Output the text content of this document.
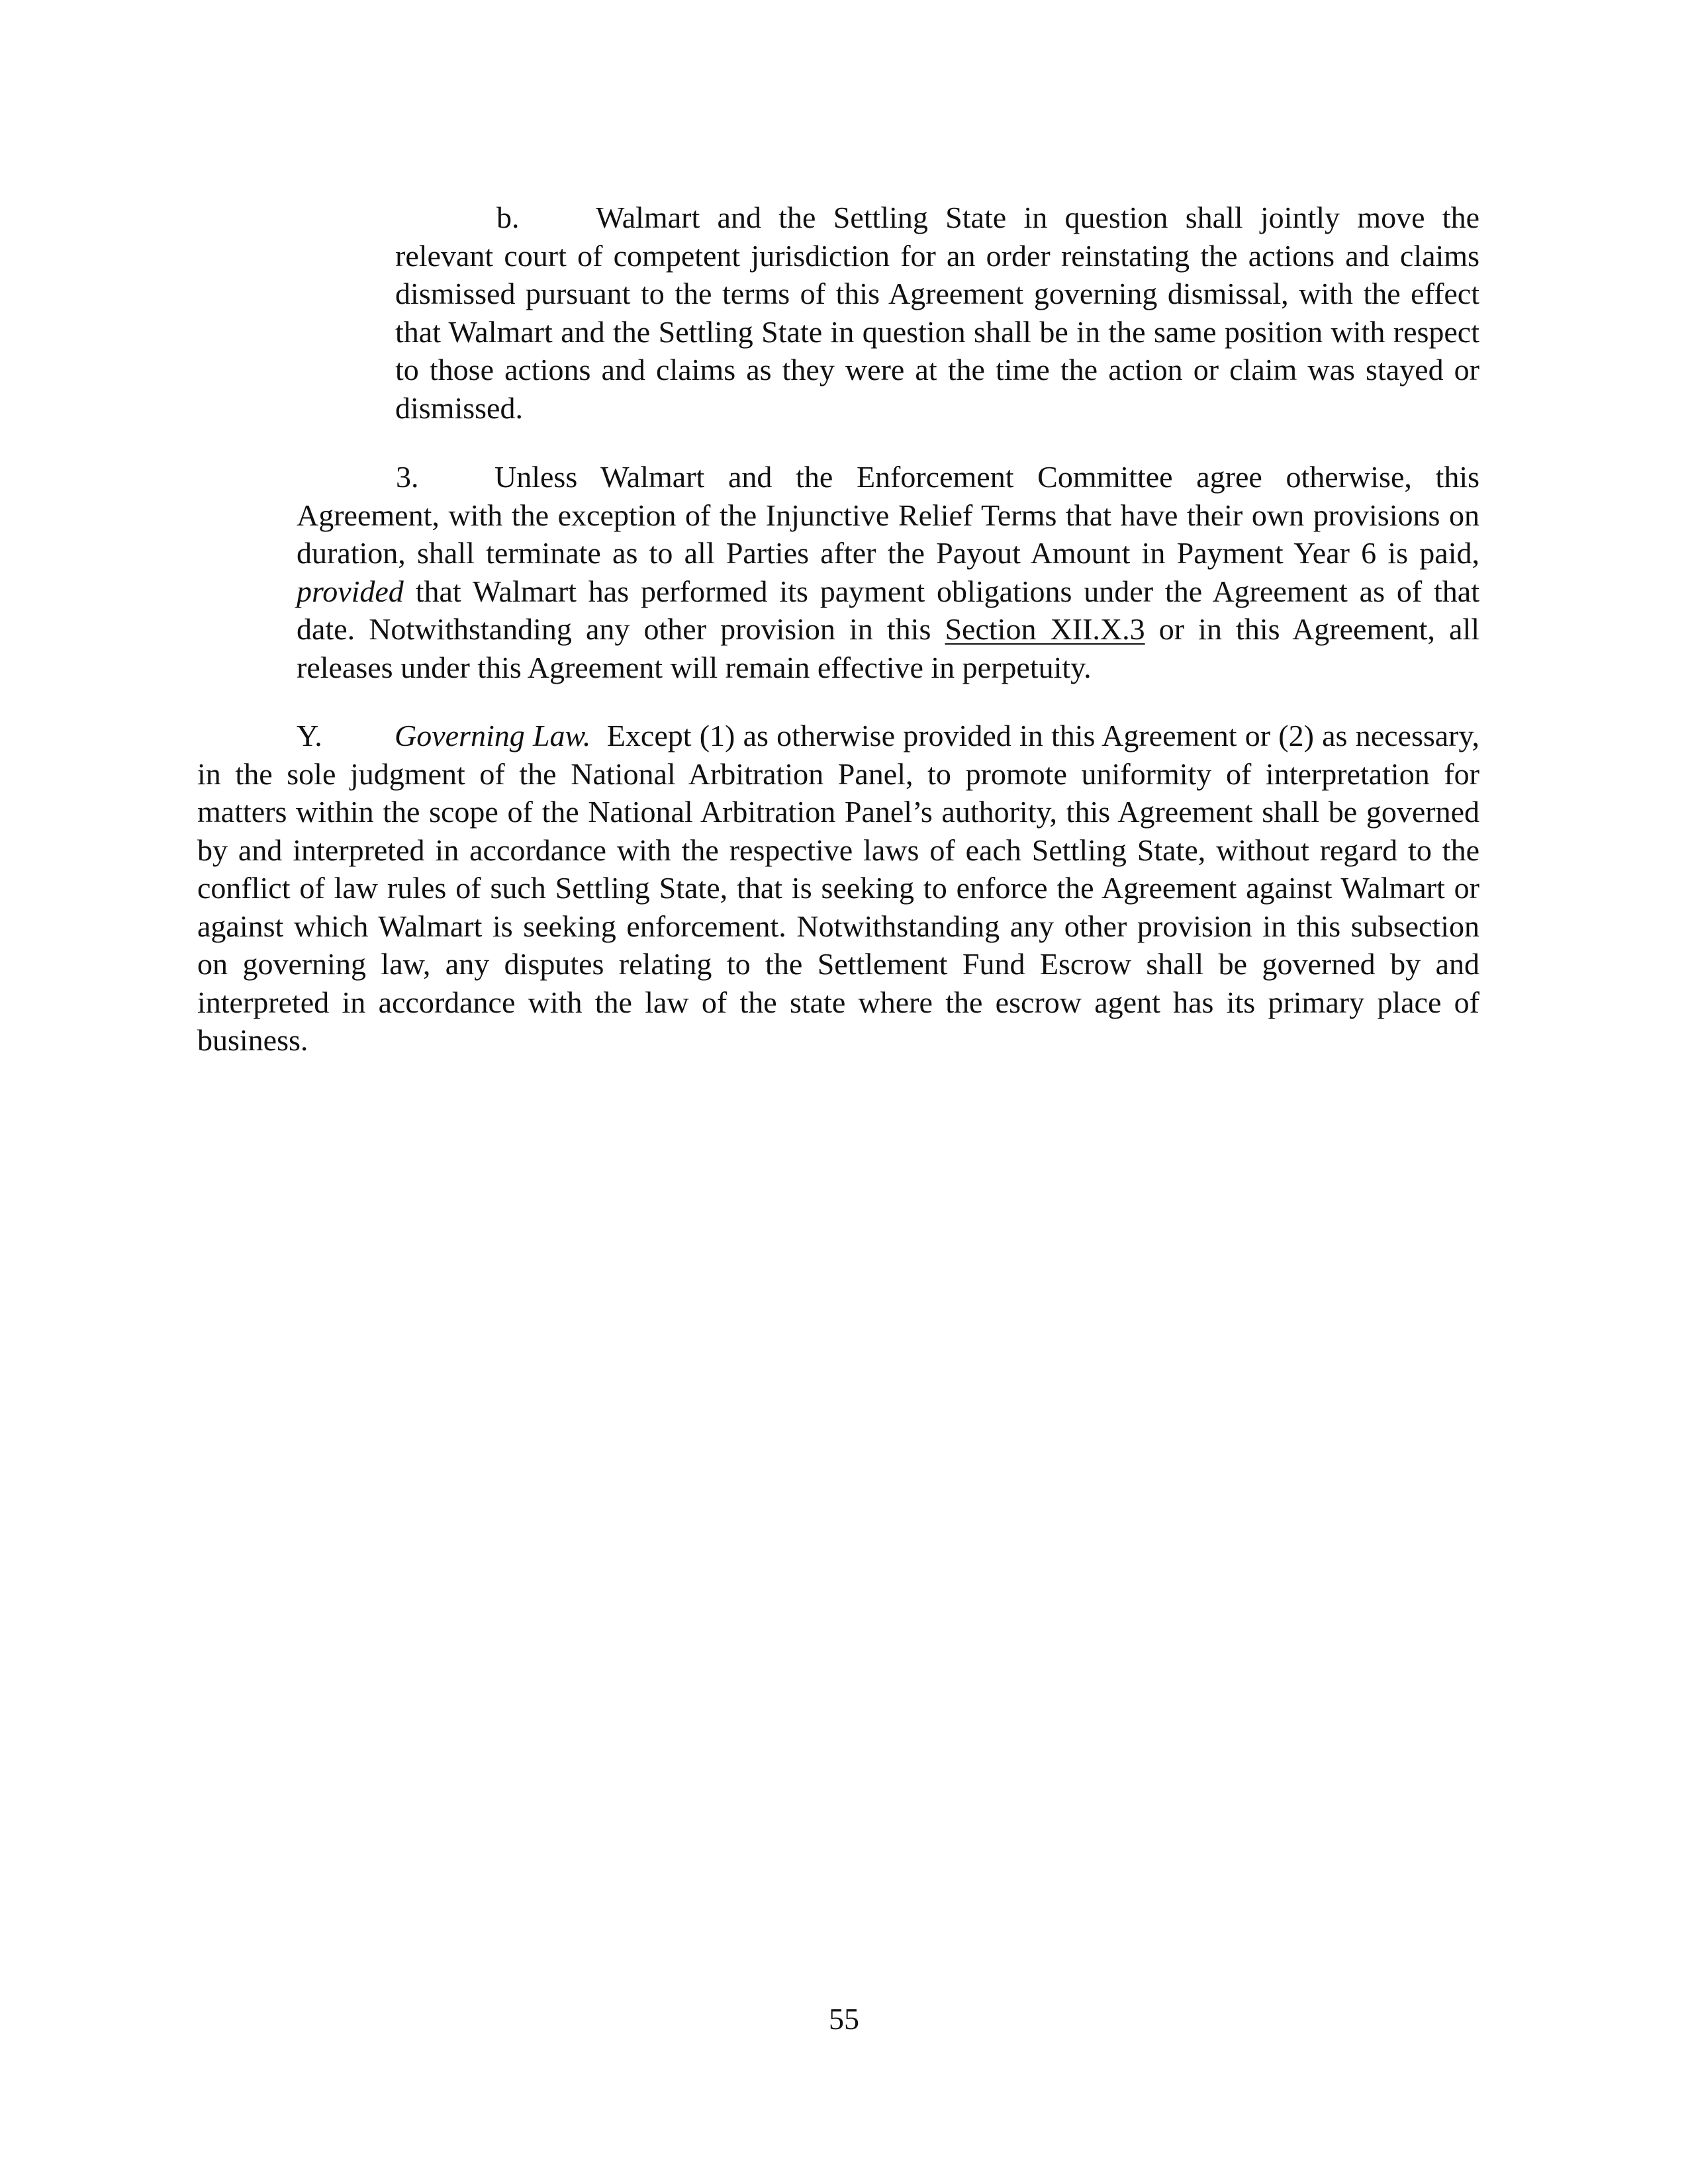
b.	Walmart and the Settling State in question shall jointly move the relevant court of competent jurisdiction for an order reinstating the actions and claims dismissed pursuant to the terms of this Agreement governing dismissal, with the effect that Walmart and the Settling State in question shall be in the same position with respect to those actions and claims as they were at the time the action or claim was stayed or dismissed.

3. Unless Walmart and the Enforcement Committee agree otherwise, this Agreement, with the exception of the Injunctive Relief Terms that have their own provisions on duration, shall terminate as to all Parties after the Payout Amount in Payment Year 6 is paid, provided that Walmart has performed its payment obligations under the Agreement as of that date. Notwithstanding any other provision in this Section XII.X.3 or in this Agreement, all releases under this Agreement will remain effective in perpetuity.

Y. Governing Law. Except (1) as otherwise provided in this Agreement or (2) as necessary, in the sole judgment of the National Arbitration Panel, to promote uniformity of interpretation for matters within the scope of the National Arbitration Panel’s authority, this Agreement shall be governed by and interpreted in accordance with the respective laws of each Settling State, without regard to the conflict of law rules of such Settling State, that is seeking to enforce the Agreement against Walmart or against which Walmart is seeking enforcement. Notwithstanding any other provision in this subsection on governing law, any disputes relating to the Settlement Fund Escrow shall be governed by and interpreted in accordance with the law of the state where the escrow agent has its primary place of business.

55
